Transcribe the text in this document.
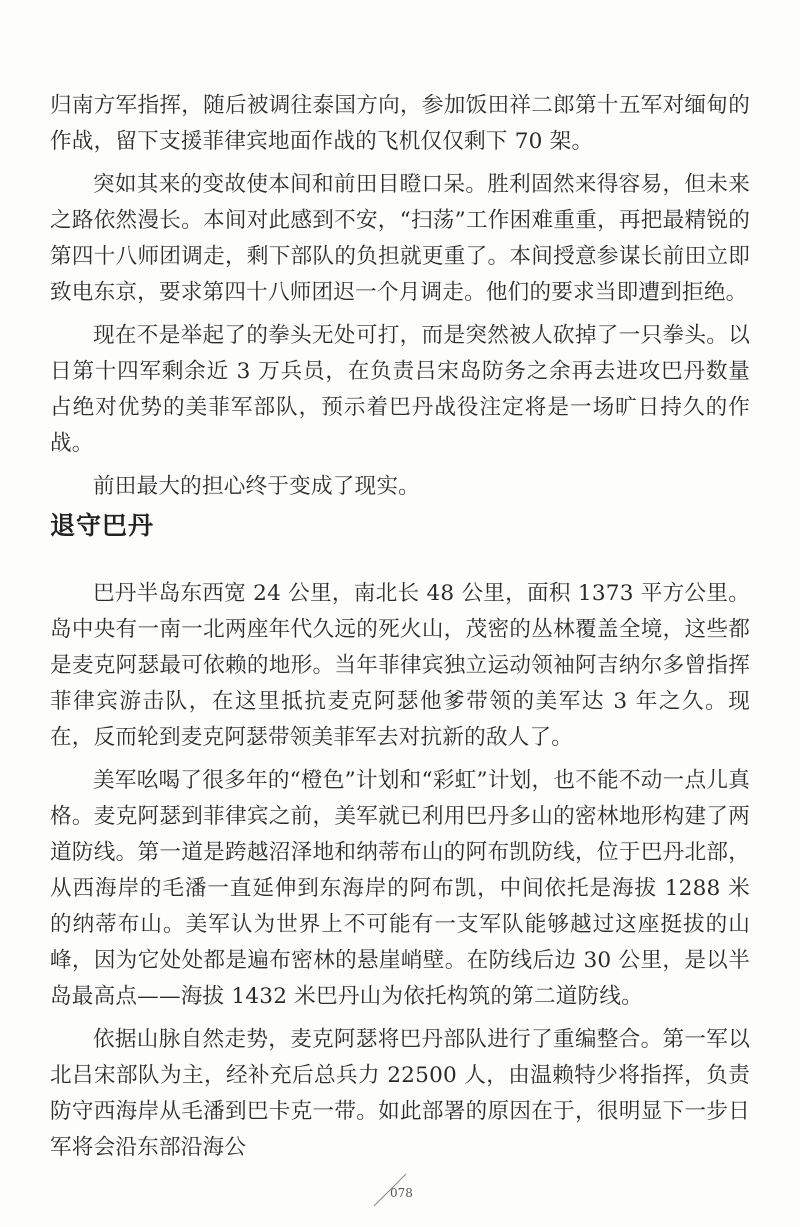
归南方军指挥，随后被调往泰国方向，参加饭田祥二郎第十五军对缅甸的作战，留下支援菲律宾地面作战的飞机仅仅剩下 70 架。

突如其来的变故使本间和前田目瞪口呆。胜利固然来得容易，但未来之路依然漫长。本间对此感到不安，“扫荡”工作困难重重，再把最精锐的第四十八师团调走，剩下部队的负担就更重了。本间授意参谋长前田立即致电东京，要求第四十八师团迟一个月调走。他们的要求当即遭到拒绝。

现在不是举起了的拳头无处可打，而是突然被人砍掉了一只拳头。以日第十四军剩余近 3 万兵员，在负责吕宋岛防务之余再去进攻巴丹数量占绝对优势的美菲军部队，预示着巴丹战役注定将是一场旷日持久的作战。

前田最大的担心终于变成了现实。

退守巴丹

巴丹半岛东西宽 24 公里，南北长 48 公里，面积 1373 平方公里。岛中央有一南一北两座年代久远的死火山，茂密的丛林覆盖全境，这些都是麦克阿瑟最可依赖的地形。当年菲律宾独立运动领袖阿吉纳尔多曾指挥菲律宾游击队，在这里抵抗麦克阿瑟他爹带领的美军达 3 年之久。现在，反而轮到麦克阿瑟带领美菲军去对抗新的敌人了。

美军吆喝了很多年的“橙色”计划和“彩虹”计划，也不能不动一点儿真格。麦克阿瑟到菲律宾之前，美军就已利用巴丹多山的密林地形构建了两道防线。第一道是跨越沼泽地和纳蒂布山的阿布凯防线，位于巴丹北部，从西海岸的毛潘一直延伸到东海岸的阿布凯，中间依托是海拔 1288 米的纳蒂布山。美军认为世界上不可能有一支军队能够越过这座挺拔的山峰，因为它处处都是遍布密林的悬崖峭壁。在防线后边 30 公里，是以半岛最高点——海拔 1432 米巴丹山为依托构筑的第二道防线。

依据山脉自然走势，麦克阿瑟将巴丹部队进行了重编整合。第一军以北吕宋部队为主，经补充后总兵力 22500 人，由温赖特少将指挥，负责防守西海岸从毛潘到巴卡克一带。如此部署的原因在于，很明显下一步日军将会沿东部沿海公

078
